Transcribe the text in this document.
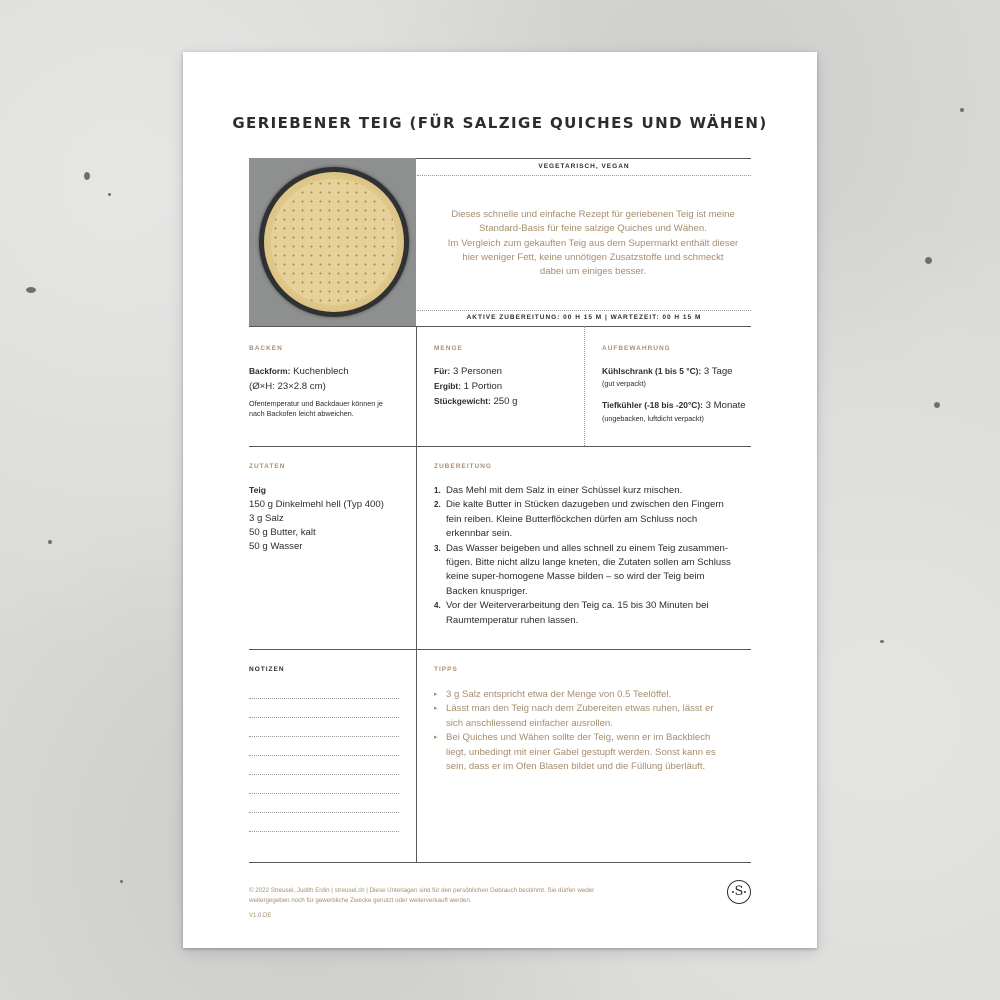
GERIEBENER TEIG (FÜR SALZIGE QUICHES UND WÄHEN)
VEGETARISCH, VEGAN
Dieses schnelle und einfache Rezept für geriebenen Teig ist meine
Standard-Basis für feine salzige Quiches und Wähen.
Im Vergleich zum gekauften Teig aus dem Supermarkt enthält dieser
hier weniger Fett, keine unnötigen Zusatzstoffe und schmeckt
dabei um einiges besser.
AKTIVE ZUBEREITUNG: 00 H 15 M | WARTEZEIT: 00 H 15 M
BACKEN
Backform: Kuchenblech
(Ø×H: 23×2.8 cm)
Ofentemperatur und Backdauer können je
nach Backofen leicht abweichen.
MENGE
Für: 3 Personen
Ergibt: 1 Portion
Stückgewicht: 250 g
AUFBEWAHRUNG
Kühlschrank (1 bis 5 °C): 3 Tage
(gut verpackt)
Tiefkühler (-18 bis -20°C): 3 Monate
(ungebacken, luftdicht verpackt)
ZUTATEN
Teig
150 g Dinkelmehl hell (Typ 400)
3 g Salz
50 g Butter, kalt
50 g Wasser
ZUBEREITUNG
1. Das Mehl mit dem Salz in einer Schüssel kurz mischen.
2. Die kalte Butter in Stücken dazugeben und zwischen den Fingern
fein reiben. Kleine Butterflöckchen dürfen am Schluss noch
erkennbar sein.
3. Das Wasser beigeben und alles schnell zu einem Teig zusammen-
fügen. Bitte nicht allzu lange kneten, die Zutaten sollen am Schluss
keine super-homogene Masse bilden – so wird der Teig beim
Backen knuspriger.
4. Vor der Weiterverarbeitung den Teig ca. 15 bis 30 Minuten bei
Raumtemperatur ruhen lassen.
NOTIZEN	TIPPS
▸ 3 g Salz entspricht etwa der Menge von 0.5 Teelöffel.
▸ Lässt man den Teig nach dem Zubereiten etwas ruhen, lässt er
sich anschliessend einfacher ausrollen.
▸ Bei Quiches und Wähen sollte der Teig, wenn er im Backblech
liegt, unbedingt mit einer Gabel gestupft werden. Sonst kann es
sein, dass er im Ofen Blasen bildet und die Füllung überläuft.
© 2022 Streusel, Judith Erdin | streusel.ch | Diese Unterlagen sind für den persönlichen Gebrauch bestimmt. Sie dürfen weder
weitergegeben noch für gewerbliche Zwecke genutzt oder weiterverkauft werden.
V1.0.DE
S
